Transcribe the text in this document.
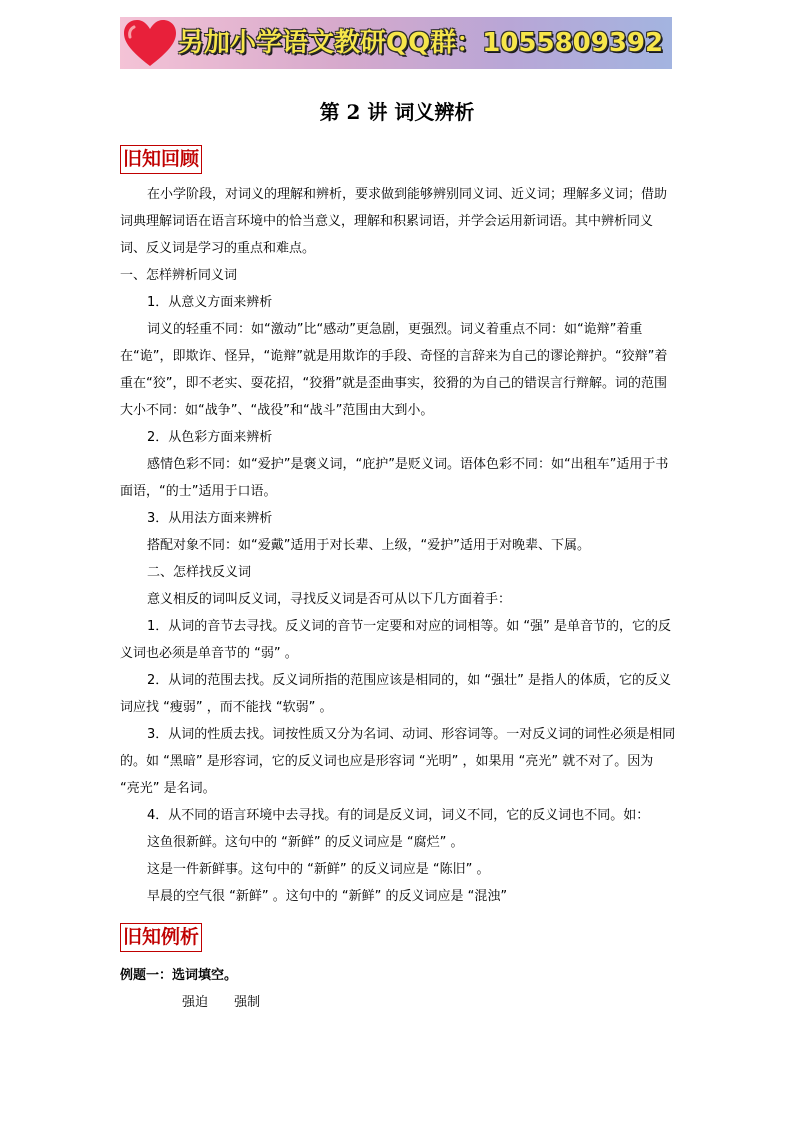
另加小学语文教研QQ群：1055809392
第 2 讲 词义辨析
旧知回顾

在小学阶段，对词义的理解和辨析，要求做到能够辨别同义词、近义词；理解多义词；借助词典理解词语在语言环境中的恰当意义，理解和积累词语，并学会运用新词语。其中辨析同义词、反义词是学习的重点和难点。

一、怎样辨析同义词

1．从意义方面来辨析

词义的轻重不同：如“激动”比“感动”更急剧，更强烈。词义着重点不同：如“诡辩”着重在“诡”，即欺诈、怪异，“诡辩”就是用欺诈的手段、奇怪的言辞来为自己的谬论辩护。“狡辩”着重在“狡”，即不老实、耍花招，“狡猾”就是歪曲事实，狡猾的为自己的错误言行辩解。词的范围大小不同：如“战争”、“战役”和“战斗”范围由大到小。

2．从色彩方面来辨析

感情色彩不同：如“爱护”是褒义词，“庇护”是贬义词。语体色彩不同：如“出租车”适用于书面语，“的士”适用于口语。

3．从用法方面来辨析

搭配对象不同：如“爱戴”适用于对长辈、上级，“爱护”适用于对晚辈、下属。

二、怎样找反义词

意义相反的词叫反义词，寻找反义词是否可从以下几方面着手：

1．从词的音节去寻找。反义词的音节一定要和对应的词相等。如 “强” 是单音节的，它的反义词也必须是单音节的 “弱” 。

2．从词的范围去找。反义词所指的范围应该是相同的，如 “强壮” 是指人的体质，它的反义词应找 “瘦弱” ，而不能找 “软弱” 。

3．从词的性质去找。词按性质又分为名词、动词、形容词等。一对反义词的词性必须是相同的。如 “黑暗” 是形容词，它的反义词也应是形容词 “光明” ，如果用 “亮光” 就不对了。因为 “亮光” 是名词。

4．从不同的语言环境中去寻找。有的词是反义词，词义不同，它的反义词也不同。如：

这鱼很新鲜。这句中的 “新鲜” 的反义词应是 “腐烂” 。

这是一件新鲜事。这句中的 “新鲜” 的反义词应是 “陈旧” 。

早晨的空气很 “新鲜” 。这句中的 “新鲜” 的反义词应是 “混浊”

旧知例析
例题一：选词填空。
强迫 强制
